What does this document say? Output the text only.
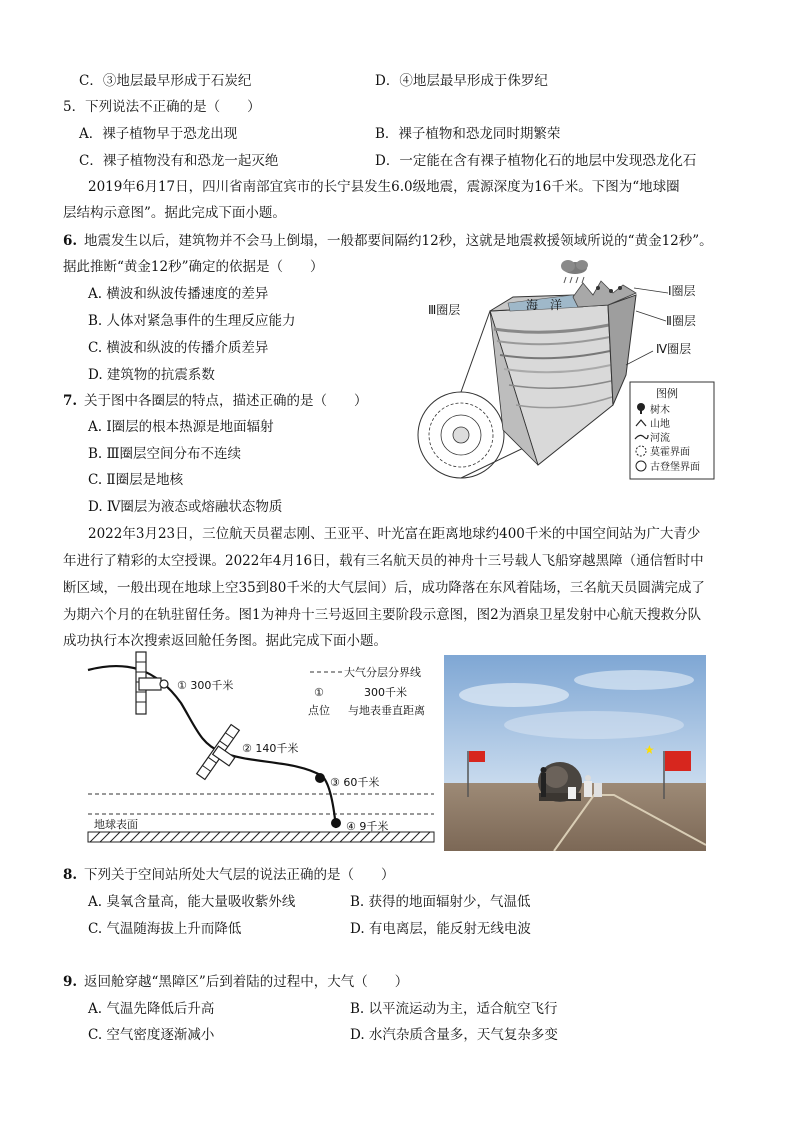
C．③地层最早形成于石炭纪	D．④地层最早形成于侏罗纪
5．下列说法不正确的是（　　）
A．裸子植物早于恐龙出现	B．裸子植物和恐龙同时期繁荣
C．裸子植物没有和恐龙一起灭绝	D．一定能在含有裸子植物化石的地层中发现恐龙化石
2019年6月17日，四川省南部宜宾市的长宁县发生6.0级地震，震源深度为16千米。下图为“地球圈
层结构示意图”。据此完成下面小题。
6. 地震发生以后，建筑物并不会马上倒塌，一般都要间隔约12秒，这就是地震救援领域所说的“黄金12秒”。
据此推断“黄金12秒”确定的依据是（　　）
A. 横波和纵波传播速度的差异
B. 人体对紧急事件的生理反应能力
C. 横波和纵波的传播介质差异
D. 建筑物的抗震系数
7. 关于图中各圈层的特点，描述正确的是（　　）
A. Ⅰ圈层的根本热源是地面辐射
B. Ⅲ圈层空间分布不连续
C. Ⅱ圈层是地核
D. Ⅳ圈层为液态或熔融状态物质
海　洋
Ⅲ圈层
Ⅰ圈层
Ⅱ圈层
Ⅳ圈层
图例
树木
山地
河流
莫霍界面
古登堡界面
2022年3月23日，三位航天员翟志刚、王亚平、叶光富在距离地球约400千米的中国空间站为广大青少
年进行了精彩的太空授课。2022年4月16日，载有三名航天员的神舟十三号载人飞船穿越黑障（通信暂时中
断区域，一般出现在地球上空35到80千米的大气层间）后，成功降落在东风着陆场，三名航天员圆满完成了
为期六个月的在轨驻留任务。图1为神舟十三号返回主要阶段示意图，图2为酒泉卫星发射中心航天搜救分队
成功执行本次搜索返回舱任务图。据此完成下面小题。
地球表面
① 300千米
② 140千米
③ 60千米
④ 9千米
大气分层分界线
①	300千米
点位 与地表垂直距离
8. 下列关于空间站所处大气层的说法正确的是（　　）
A. 臭氧含量高，能大量吸收紫外线	B. 获得的地面辐射少，气温低
C. 气温随海拔上升而降低	D. 有电离层，能反射无线电波
9. 返回舱穿越“黑障区”后到着陆的过程中，大气（　　）
A. 气温先降低后升高	B. 以平流运动为主，适合航空飞行
C. 空气密度逐渐减小	D. 水汽杂质含量多，天气复杂多变
